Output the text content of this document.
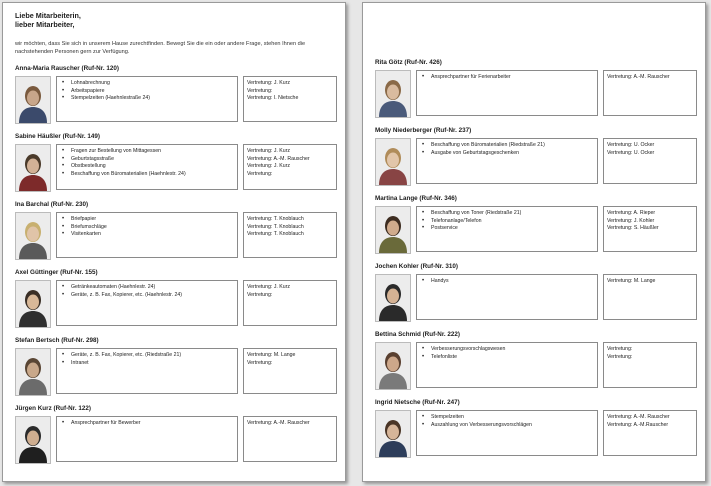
Liebe Mitarbeiterin,
lieber Mitarbeiter,
wir möchten, dass Sie sich in unserem Hause zurechtfinden. Bewegt Sie die ein oder andere Frage, stehen Ihnen die nachstehenden Personen gern zur Verfügung.
Anna-Maria Rauscher (Ruf-Nr. 120)
• Lohnabrechnung
• Arbeitspapiere
• Stempelzeiten (Haehnlestraße 24)
Vertretung: J. Kurz
Vertretung:
Vertretung: I. Nietsche
Sabine Häußler (Ruf-Nr. 149)
• Fragen zur Bestellung von Mittagessen
• Geburtstagsstraße
• Obstbestellung
• Beschaffung von Büromaterialien (Haehnlestr. 24)
Vertretung: J. Kurz
Vertretung: A.-M. Rauscher
Vertretung: J. Kurz
Vertretung:
Ina Barchal (Ruf-Nr. 230)
• Briefpapier
• Briefumschläge
• Visitenkarten
Vertretung: T. Knoblauch
Vertretung: T. Knoblauch
Vertretung: T. Knoblauch
Axel Güttinger (Ruf-Nr. 155)
• Getränkeautomaten (Haehnlestr. 24)
• Geräte, z. B. Fax, Kopierer, etc. (Haehnlestr. 24)
Vertretung: J. Kurz
Vertretung:
Stefan Bertsch (Ruf-Nr. 298)
• Geräte, z. B. Fax, Kopierer, etc. (Riedstraße 21)
• Intranet
Vertretung: M. Lange
Vertretung:
Jürgen Kurz (Ruf-Nr. 122)
• Ansprechpartner für Bewerber	Vertretung: A.-M. Rauscher
Rita Götz (Ruf-Nr. 426)
• Ansprechpartner für Ferienarbeiter	Vertretung: A.-M. Rauscher
Molly Niederberger (Ruf-Nr. 237)
• Beschaffung von Büromaterialien (Riedstraße 21)
• Ausgabe von Geburtstagsgeschenken
Vertretung: U. Ocker
Vertretung: U. Ocker
Martina Lange (Ruf-Nr. 346)
• Beschaffung von Toner (Riedstraße 21)
• Telefonanlage/Telefon
• Postservice
Vertretung: A. Rieper
Vertretung: J. Kohler
Vertretung: S. Häußler
Jochen Kohler (Ruf-Nr. 310)
• Handys	Vertretung: M. Lange
Bettina Schmid (Ruf-Nr. 222)
• Verbesserungsvorschlagswesen
• Telefonliste
Vertretung:
Vertretung:
Ingrid Nietsche (Ruf-Nr. 247)
• Stempelzeiten
• Auszahlung von Verbesserungsvorschlägen
Vertretung: A.-M. Rauscher
Vertretung: A.-M.Rauscher
